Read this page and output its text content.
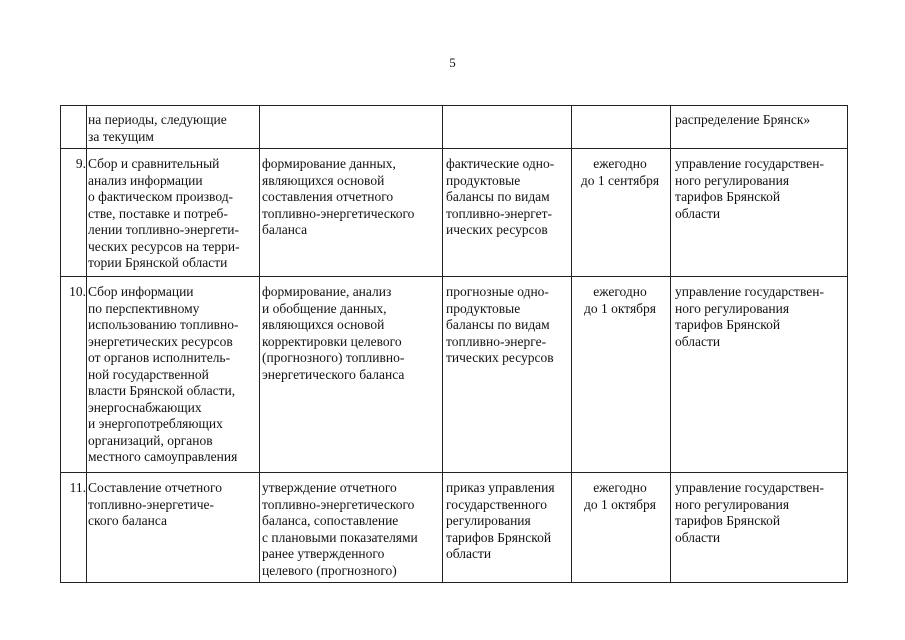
5
на периоды, следующие
за текущим
распределение Брянск»
9. Сбор и сравнительный
анализ информации
о фактическом производ-
стве, поставке и потреб-
лении топливно-энергети-
ческих ресурсов на терри-
тории Брянской области
формирование данных,
являющихся основой
составления отчетного
топливно-энергетического
баланса
фактические одно-
продуктовые
балансы по видам
топливно-энергет-
ических ресурсов
ежегодно
до 1 сентября
управление государствен-
ного регулирования
тарифов Брянской
области
10. Сбор информации
по перспективному
использованию топливно-
энергетических ресурсов
от органов исполнитель-
ной государственной
власти Брянской области,
энергоснабжающих
и энергопотребляющих
организаций, органов
местного самоуправления
формирование, анализ
и обобщение данных,
являющихся основой
корректировки целевого
(прогнозного) топливно-
энергетического баланса
прогнозные одно-
продуктовые
балансы по видам
топливно-энерге-
тических ресурсов
ежегодно
до 1 октября
управление государствен-
ного регулирования
тарифов Брянской
области
11. Составление отчетного
топливно-энергетиче-
ского баланса
утверждение отчетного
топливно-энергетического
баланса, сопоставление
с плановыми показателями
ранее утвержденного
целевого (прогнозного)
приказ управления
государственного
регулирования
тарифов Брянской
области
ежегодно
до 1 октября
управление государствен-
ного регулирования
тарифов Брянской
области
